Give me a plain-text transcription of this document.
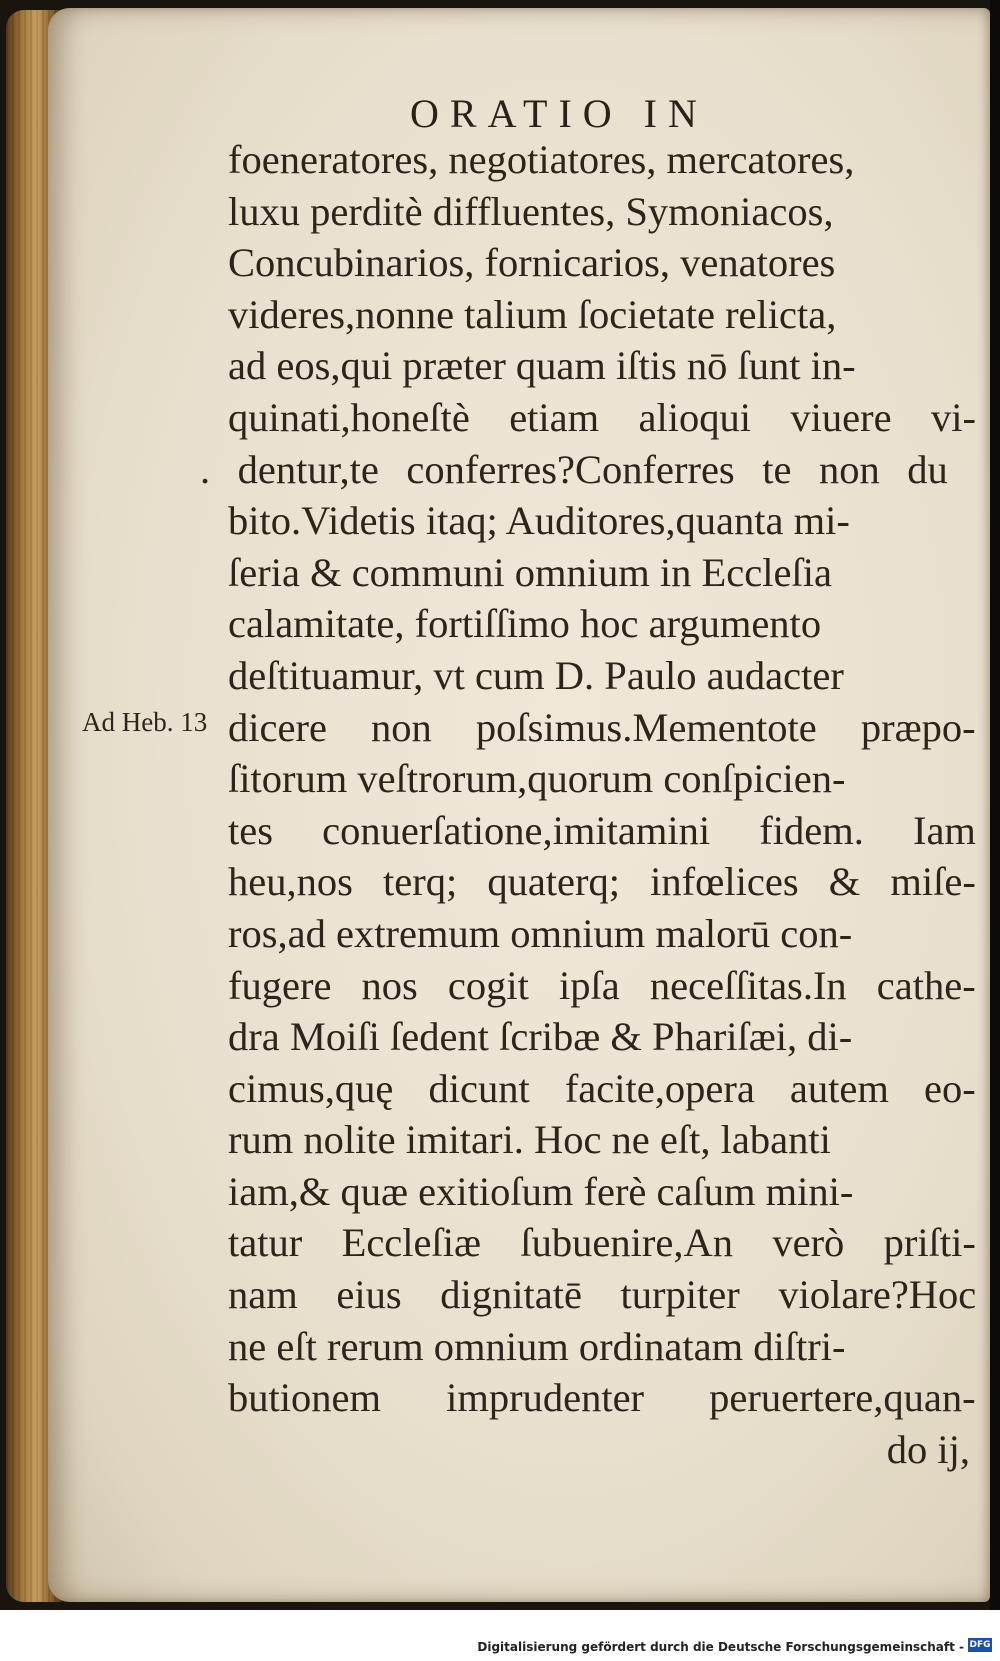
ORATIO IN
Ad Heb. 13
foeneratores, negotiatores, mercatores,
luxu perditè diffluentes, Symoniacos,
Concubinarios, fornicarios, venatores
videres,nonne talium ſocietate relicta,
ad eos,qui præter quam iſtis nō ſunt in-
quinati,honeſtè etiam alioqui viuere vi-
. dentur,te conferres?Conferres te non du
bito.Videtis itaq; Auditores,quanta mi-
ſeria & communi omnium in Eccleſia
calamitate, fortiſſimo hoc argumento
deſtituamur, vt cum D. Paulo audacter
dicere non poſsimus.Mementote præpo-
ſitorum veſtrorum,quorum conſpicien-
tes conuerſatione,imitamini fidem. Iam
heu,nos terq; quaterq; infœlices & miſe-
ros,ad extremum omnium malorū con-
fugere nos cogit ipſa neceſſitas.In cathe-
dra Moiſi ſedent ſcribæ & Phariſæi, di-
cimus,quę dicunt facite,opera autem eo-
rum nolite imitari. Hoc ne eſt, labanti
iam,& quæ exitioſum ferè caſum mini-
tatur Eccleſiæ ſubuenire,An verò priſti-
nam eius dignitatē turpiter violare?Hoc
ne eſt rerum omnium ordinatam diſtri-
butionem imprudenter peruertere,quan-
do ij,
Digitalisierung gefördert durch die Deutsche Forschungsgemeinschaft - DFG
